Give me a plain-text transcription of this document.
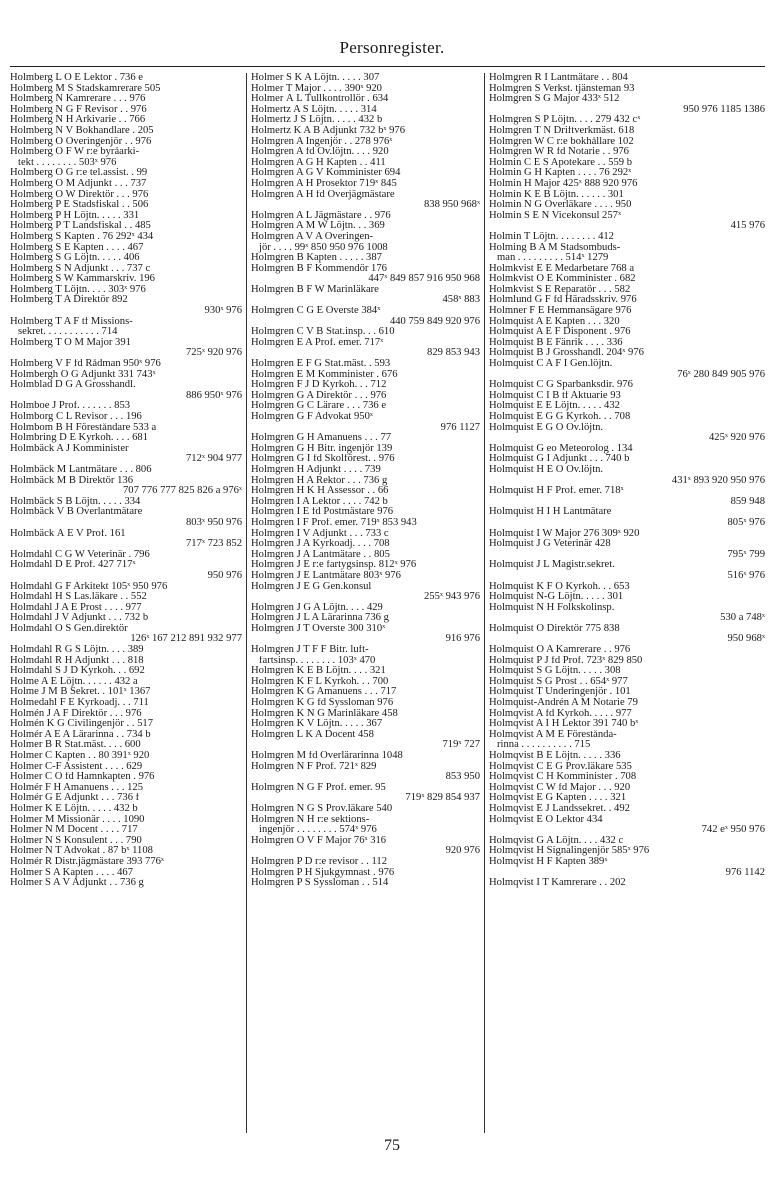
Personregister.
Holmberg L O E Lektor . 736 e
Holmberg M S Stadskamrerare 505
Holmberg N Kamrerare . . . 976
Holmberg N G F Revisor . . 976
Holmberg N H Arkivarie . . 766
Holmberg N V Bokhandlare . 205
Holmberg O Överingenjör . . 976
Holmberg O F W r:e byråarki-
tekt . . . . . . . . 503ˣ 976
Holmberg O G r:e tel.assist. . 99
Holmberg O M Adjunkt . . . 737
Holmberg O W Direktör . . . 976
Holmberg P E Stadsfiskal . . 506
Holmberg P H Löjtn. . . . . 331
Holmberg P T Landsfiskal . . 485
Holmberg S Kapten . 76 292ˣ 434
Holmberg S E Kapten . . . . 467
Holmberg S G Löjtn. . . . . 406
Holmberg S N Adjunkt . . . 737 c
Holmberg S W Kammarskriv. 196
Holmberg T Löjtn. . . . 303ˣ 976
Holmberg T A Direktör 892
930ˣ 976
Holmberg T A F tf Missions-
sekret. . . . . . . . . . . 714
Holmberg T O M Major 391
725ˣ 920 976
Holmberg V F fd Rådman 950ˣ 976
Holmbergh O G Adjunkt 331 743ˣ
Holmblad D G A Grosshandl.
886 950ˣ 976
Holmboe J Prof. . . . . . . 853
Holmborg C L Revisor . . . 196
Holmbom B H Föreståndare 533 a
Holmbring D E Kyrkoh. . . . 681
Holmbäck A J Komminister
712ˣ 904 977
Holmbäck M Lantmätare . . . 806
Holmbäck M B Direktör 136
707 776 777 825 826 a 976ˣ
Holmbäck S B Löjtn. . . . . 334
Holmbäck V B Överlantmätare
803ˣ 950 976
Holmbäck Å E V Prof. 161
717ˣ 723 852
Holmdahl C G W Veterinär . 796
Holmdahl D E Prof. 427 717ˣ
950 976
Holmdahl G F Arkitekt 105ˣ 950 976
Holmdahl H S Las.läkare . . 552
Holmdahl J A E Prost . . . . 977
Holmdahl J V Adjunkt . . . 732 b
Holmdahl O S Gen.direktör
126ˣ 167 212 891 932 977
Holmdahl R G S Löjtn. . . . 389
Holmdahl R H Adjunkt . . . 818
Holmdahl S J D Kyrkoh. . . 692
Holme A E Löjtn. . . . . . 432 a
Holme J M B Sekret. . 101ˣ 1367
Holmedahl F E Kyrkoadj. . . 711
Holmén J A F Direktör . . . 976
Holmén K G Civilingenjör . . 517
Holmér A E A Lärarinna . . 734 b
Holmer B R Stat.mäst. . . . 600
Holmer C Kapten . . 80 391ˣ 920
Holmer C-F Assistent . . . . 629
Holmer C O fd Hamnkapten . 976
Holmér F H Amanuens . . . 125
Holmér G E Adjunkt . . . 736 f
Holmer K E Löjtn. . . . . 432 b
Holmer M Missionär . . . . 1090
Holmer N M Docent . . . . 717
Holmer N S Konsulent . . . 790
Holmer N T Advokat . 87 bˣ 1108
Holmér R Distr.jägmästare 393 776ˣ
Holmer S A Kapten . . . . 467
Holmer S A V Adjunkt . . 736 g
Holmer S K A Löjtn. . . . . 307
Holmer T Major . . . . 390ˣ 920
Holmer Å L Tullkontrollör . 634
Holmertz A S Löjtn. . . . . 314
Holmertz J S Löjtn. . . . . 432 b
Holmertz K A B Adjunkt 732 bˣ 976
Holmgren A Ingenjör . . 278 976ˣ
Holmgren A fd Öv.löjtn. . . . 920
Holmgren A G H Kapten . . 411
Holmgren A G V Komminister 694
Holmgren A H Prosektor 719ˣ 845
Holmgren A H fd Överjägmästare
838 950 968ˣ
Holmgren A L Jägmästare . . 976
Holmgren A M W Löjtn. . . 369
Holmgren A V A Överingen-
jör . . . . 99ˣ 850 950 976 1008
Holmgren B Kapten . . . . . 387
Holmgren B F Kommendör 176
447ˣ 849 857 916 950 968
Holmgren B F W Marinläkare
458ˣ 883
Holmgren C G E Överste 384ˣ
440 759 849 920 976
Holmgren C V B Stat.insp. . . 610
Holmgren E A Prof. emer. 717ˣ
829 853 943
Holmgren E F G Stat.mäst. . 593
Holmgren E M Komminister . 676
Holmgren F J D Kyrkoh. . . 712
Holmgren G A Direktör . . . 976
Holmgren G C Lärare . . . 736 e
Holmgren G F Advokat 950ˣ
976 1127
Holmgren G H Amanuens . . . 77
Holmgren G H Bitr. ingenjör 139
Holmgren G I fd Skolförest. . 976
Holmgren H Adjunkt . . . . 739
Holmgren H A Rektor . . . 736 g
Holmgren H K H Assessor . . 66
Holmgren I A Lektor . . . . 742 b
Holmgren I E fd Postmästare 976
Holmgren I F Prof. emer. 719ˣ 853 943
Holmgren I V Adjunkt . . . 733 c
Holmgren J A Kyrkoadj. . . . 708
Holmgren J A Lantmätare . . 805
Holmgren J E r:e fartygsinsp. 812ˣ 976
Holmgren J E Lantmätare 803ˣ 976
Holmgren J E G Gen.konsul
255ˣ 943 976
Holmgren J G A Löjtn. . . . 429
Holmgren J L A Lärarinna 736 g
Holmgren J T Överste 300 310ˣ
916 976
Holmgren J T F F Bitr. luft-
fartsinsp. . . . . . . . 103ˣ 470
Holmgren K E B Löjtn. . . . 321
Holmgren K F L Kyrkoh. . . 700
Holmgren K G Amanuens . . . 717
Holmgren K G fd Syssloman 976
Holmgren K N G Marinläkare 458
Holmgren K V Löjtn. . . . . 367
Holmgren L K A Docent 458
719ˣ 727
Holmgren M fd Överlärarinna 1048
Holmgren N F Prof. 721ˣ 829
853 950
Holmgren N G F Prof. emer. 95
719ˣ 829 854 937
Holmgren N G S Prov.läkare 540
Holmgren N H r:e sektions-
ingenjör . . . . . . . . 574ˣ 976
Holmgren O V F Major 76ˣ 316
920 976
Holmgren P D r:e revisor . . 112
Holmgren P H Sjukgymnast . 976
Holmgren P S Syssloman . . 514
Holmgren R I Lantmätare . . 804
Holmgren S Verkst. tjänsteman 93
Holmgren S G Major 433ˣ 512
950 976 1185 1386
Holmgren S P Löjtn. . . . 279 432 cˣ
Holmgren T N Driftverkmäst. 618
Holmgren W C r:e bokhållare 102
Holmgren W R fd Notarie . . 976
Holmin C E S Apotekare . . 559 b
Holmin G H Kapten . . . . 76 292ˣ
Holmin H Major 425ˣ 888 920 976
Holmin K E B Löjtn. . . . . . 301
Holmin N G Överläkare . . . . 950
Holmin S E N Vicekonsul 257ˣ
415 976
Holmin T Löjtn. . . . . . . . 412
Holming B A M Stadsombuds-
man . . . . . . . . . 514ˣ 1279
Holmkvist E E Medarbetare 768 a
Holmkvist O E Komminister . 682
Holmkvist S E Reparatör . . . 582
Holmlund G F fd Häradsskriv. 976
Holmner F E Hemmansägare 976
Holmquist A E Kapten . . . 320
Holmquist A E F Disponent . 976
Holmquist B E Fänrik . . . . 336
Holmquist B J Grosshandl. 204ˣ 976
Holmquist C A F I Gen.löjtn.
76ˣ 280 849 905 976
Holmquist C G Sparbanksdir. 976
Holmquist C I B tf Aktuarie 93
Holmquist E E Löjtn. . . . . 432
Holmquist E G G Kyrkoh. . . 708
Holmquist E G O Öv.löjtn.
425ˣ 920 976
Holmquist G eo Meteorolog . 134
Holmquist G I Adjunkt . . . 740 b
Holmquist H E O Öv.löjtn.
431ˣ 893 920 950 976
Holmquist H F Prof. emer. 718ˣ
859 948
Holmquist H I H Lantmätare
805ˣ 976
Holmquist I W Major 276 309ˣ 920
Holmquist J G Veterinär 428
795ˣ 799
Holmquist J L Magistr.sekret.
516ˣ 976
Holmquist K F O Kyrkoh. . . 653
Holmquist N-G Löjtn. . . . . 301
Holmquist N H Folkskolinsp.
530 a 748ˣ
Holmquist O Direktör 775 838
950 968ˣ
Holmquist O A Kamrerare . . 976
Holmquist P J fd Prof. 723ˣ 829 850
Holmquist S G Löjtn. . . . . 308
Holmquist S G Prost . . 654ˣ 977
Holmquist T Underingenjör . 101
Holmquist-Andrén A M Notarie 79
Holmqvist A fd Kyrkoh. . . . . 977
Holmqvist A I H Lektor 391 740 bˣ
Holmqvist A M E Förestånda-
rinna . . . . . . . . . . 715
Holmqvist B E Löjtn. . . . . 336
Holmqvist C E G Prov.läkare 535
Holmqvist C H Komminister . 708
Holmqvist C W fd Major . . . 920
Holmqvist E G Kapten . . . . 321
Holmqvist E J Landssekret. . 492
Holmqvist E O Lektor 434
742 eˣ 950 976
Holmqvist G A Löjtn. . . . 432 c
Holmqvist H Signalingenjör 585ˣ 976
Holmqvist H F Kapten 389ˣ
976 1142
Holmqvist I T Kamrerare . . 202
75
